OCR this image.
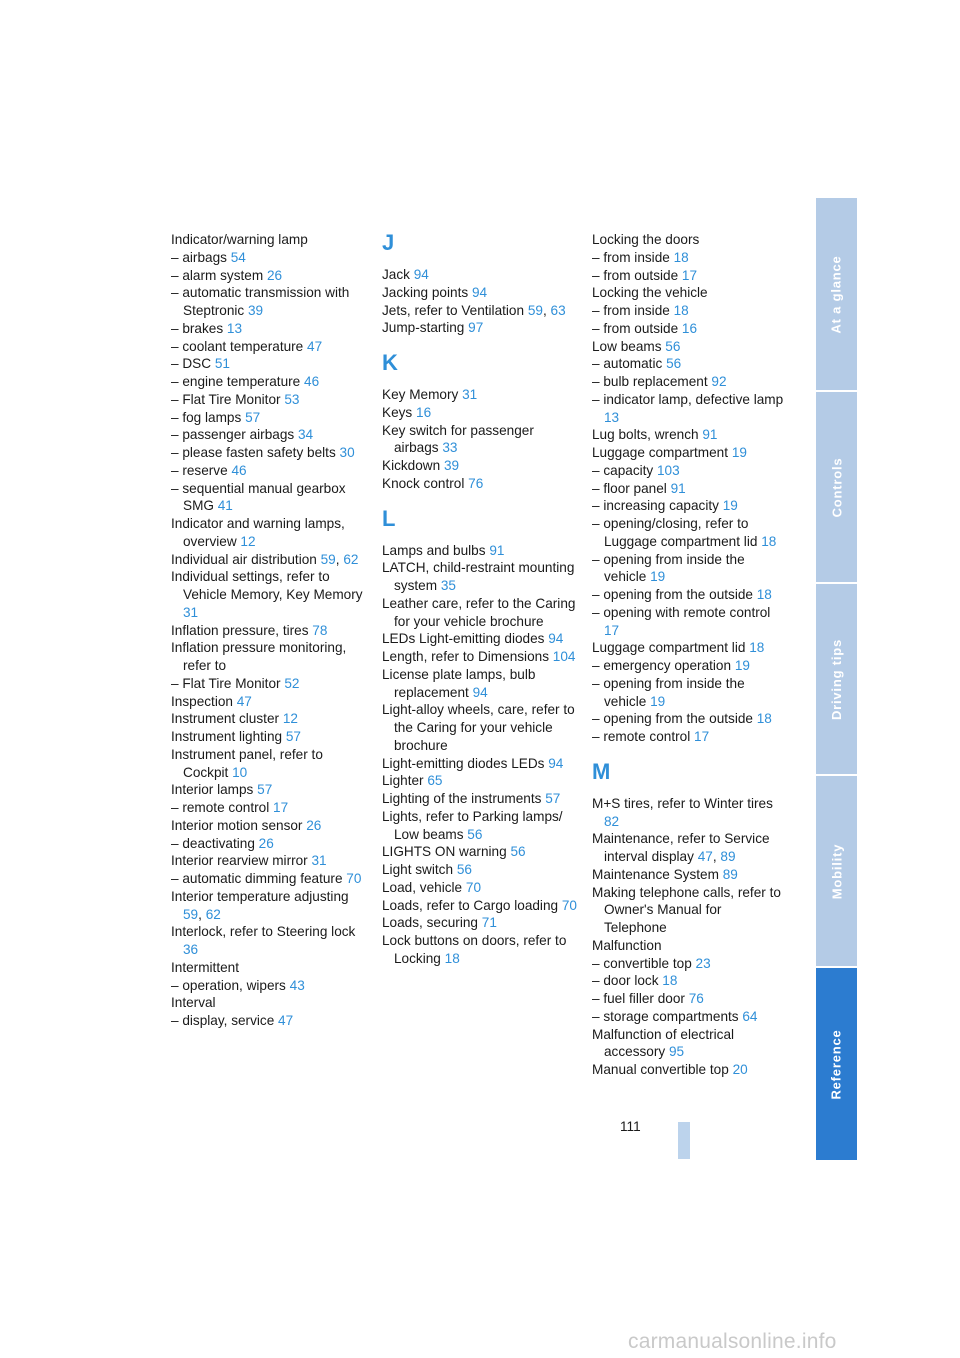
Indicator/warning lamp

– airbags 54

– alarm system 26

– automatic transmission with Steptronic 39

– brakes 13

– coolant temperature 47

– DSC 51

– engine temperature 46

– Flat Tire Monitor 53

– fog lamps 57

– passenger airbags 34

– please fasten safety belts 30

– reserve 46

– sequential manual gearbox SMG 41

Indicator and warning lamps, overview 12

Individual air distribution 59, 62

Individual settings, refer to Vehicle Memory, Key Memory 31

Inflation pressure, tires 78

Inflation pressure monitoring, refer to

– Flat Tire Monitor 52

Inspection 47

Instrument cluster 12

Instrument lighting 57

Instrument panel, refer to Cockpit 10

Interior lamps 57

– remote control 17

Interior motion sensor 26

– deactivating 26

Interior rearview mirror 31

– automatic dimming feature 70

Interior temperature adjusting 59, 62

Interlock, refer to Steering lock 36

Intermittent

– operation, wipers 43

Interval

– display, service 47

J

Jack 94

Jacking points 94

Jets, refer to Ventilation 59, 63

Jump-starting 97

K

Key Memory 31

Keys 16

Key switch for passenger airbags 33

Kickdown 39

Knock control 76

L

Lamps and bulbs 91

LATCH, child-restraint mounting system 35

Leather care, refer to the Caring for your vehicle brochure

LEDs Light-emitting diodes 94

Length, refer to Dimensions 104

License plate lamps, bulb replacement 94

Light-alloy wheels, care, refer to the Caring for your vehicle brochure

Light-emitting diodes LEDs 94

Lighter 65

Lighting of the instruments 57

Lights, refer to Parking lamps/ Low beams 56

LIGHTS ON warning 56

Light switch 56

Load, vehicle 70

Loads, refer to Cargo loading 70

Loads, securing 71

Lock buttons on doors, refer to Locking 18

Locking the doors

– from inside 18

– from outside 17

Locking the vehicle

– from inside 18

– from outside 16

Low beams 56

– automatic 56

– bulb replacement 92

– indicator lamp, defective lamp 13

Lug bolts, wrench 91

Luggage compartment 19

– capacity 103

– floor panel 91

– increasing capacity 19

– opening/closing, refer to Luggage compartment lid 18

– opening from inside the vehicle 19

– opening from the outside 18

– opening with remote control 17

Luggage compartment lid 18

– emergency operation 19

– opening from inside the vehicle 19

– opening from the outside 18

– remote control 17

M

M+S tires, refer to Winter tires 82

Maintenance, refer to Service interval display 47, 89

Maintenance System 89

Making telephone calls, refer to Owner's Manual for Telephone

Malfunction

– convertible top 23

– door lock 18

– fuel filler door 76

– storage compartments 64

Malfunction of electrical accessory 95

Manual convertible top 20

111
At a glance
Controls
Driving tips
Mobility
Reference
carmanualsonline.info
